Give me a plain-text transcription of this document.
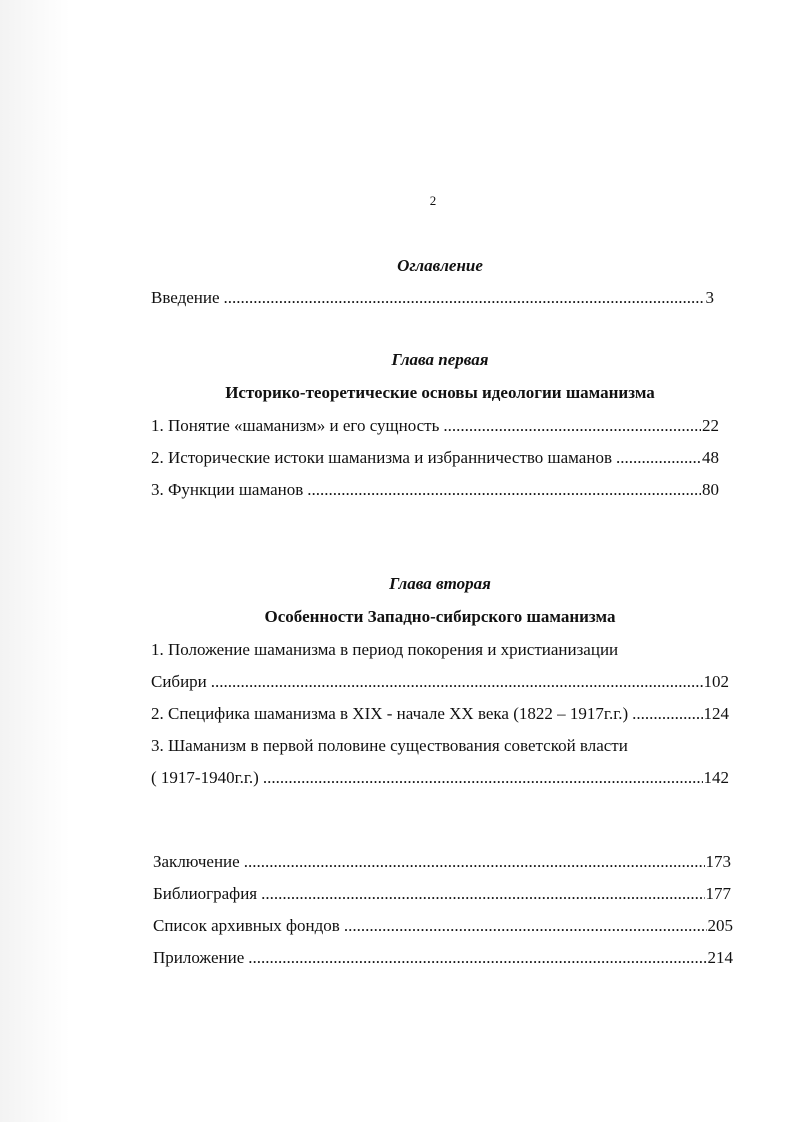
2
Оглавление
Введение .....	3
Глава первая
Историко-теоретические основы идеологии шаманизма
1. Понятие «шаманизм» и его сущность .....	22
2. Исторические истоки шаманизма и избранничество шаманов .....	48
3. Функции шаманов .....	80
Глава вторая
Особенности Западно-сибирского шаманизма
1. Положение шаманизма в период покорения и христианизации
Сибири .....	102
2. Специфика шаманизма в XIX - начале XX века (1822 – 1917г.г.) .....	124
3. Шаманизм в первой половине существования советской власти
( 1917-1940г.г.) .....	142
Заключение .....	173
Библиография .....	177
Список архивных фондов .....	205
Приложение .....	214
